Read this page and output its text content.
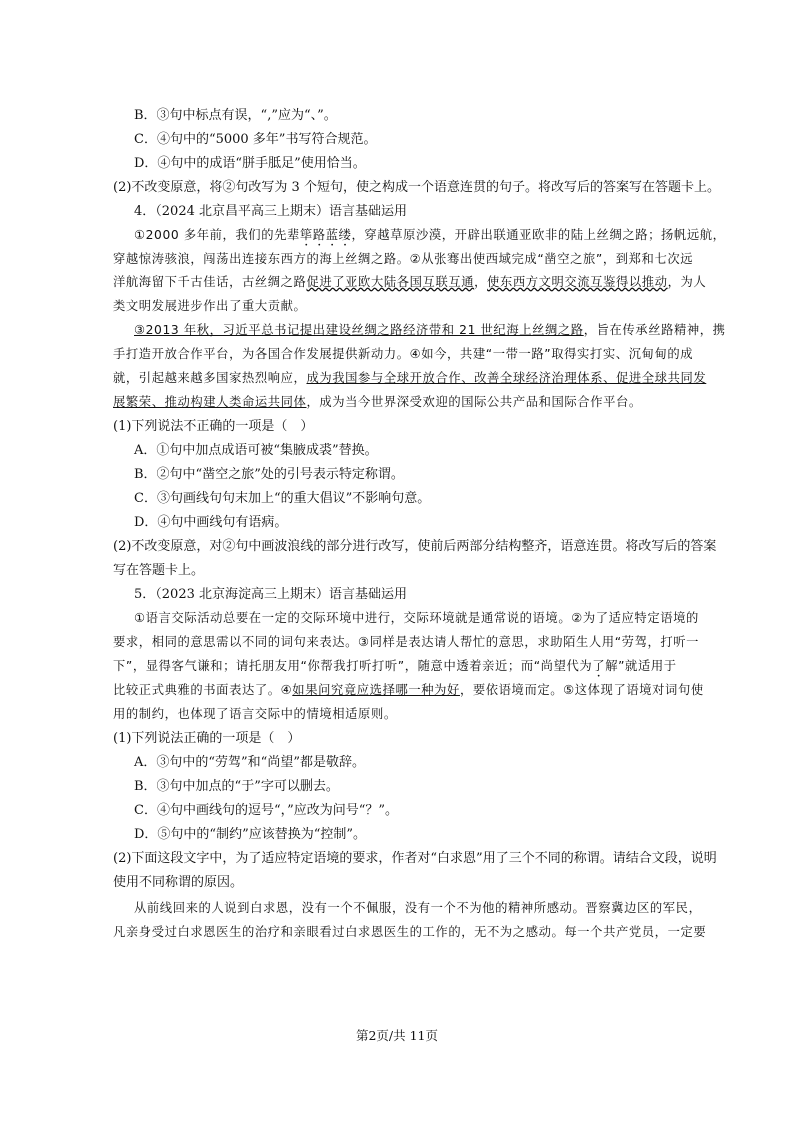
B．③句中标点有误，“,”应为“、”。
C．④句中的“5000 多年”书写符合规范。
D．④句中的成语“胼手胝足”使用恰当。
(2)不改变原意，将②句改写为 3 个短句，使之构成一个语意连贯的句子。将改写后的答案写在答题卡上。
4．（2024 北京昌平高三上期末）语言基础运用
①2000 多年前，我们的先辈筚路蓝缕，穿越草原沙漠，开辟出联通亚欧非的陆上丝绸之路；扬帆远航，
穿越惊涛骇浪，闯荡出连接东西方的海上丝绸之路。②从张骞出使西域完成“凿空之旅”，到郑和七次远
洋航海留下千古佳话，古丝绸之路促进了亚欧大陆各国互联互通，使东西方文明交流互鉴得以推动，为人
类文明发展进步作出了重大贡献。
③2013 年秋，习近平总书记提出建设丝绸之路经济带和 21 世纪海上丝绸之路，旨在传承丝路精神，携
手打造开放合作平台，为各国合作发展提供新动力。④如今，共建“一带一路”取得实打实、沉甸甸的成
就，引起越来越多国家热烈响应，成为我国参与全球开放合作、改善全球经济治理体系、促进全球共同发
展繁荣、推动构建人类命运共同体，成为当今世界深受欢迎的国际公共产品和国际合作平台。
(1)下列说法不正确的一项是（　）
A．①句中加点成语可被“集腋成裘”替换。
B．②句中“凿空之旅”处的引号表示特定称谓。
C．③句画线句句末加上“的重大倡议”不影响句意。
D．④句中画线句有语病。
(2)不改变原意，对②句中画波浪线的部分进行改写，使前后两部分结构整齐，语意连贯。将改写后的答案
写在答题卡上。
5．（2023 北京海淀高三上期末）语言基础运用
①语言交际活动总要在一定的交际环境中进行，交际环境就是通常说的语境。②为了适应特定语境的
要求，相同的意思需以不同的词句来表达。③同样是表达请人帮忙的意思，求助陌生人用“劳驾，打听一
下”，显得客气谦和；请托朋友用“你帮我打听打听”，随意中透着亲近；而“尚望代为了解”就适用于
比较正式典雅的书面表达了。④如果问究竟应选择哪一种为好，要依语境而定。⑤这体现了语境对词句使
用的制约，也体现了语言交际中的情境相适原则。
(1)下列说法正确的一项是（　）
A．③句中的“劳驾”和“尚望”都是敬辞。
B．③句中加点的“于”字可以删去。
C．④句中画线句的逗号“，”应改为问号“？”。
D．⑤句中的“制约”应该替换为“控制”。
(2)下面这段文字中，为了适应特定语境的要求，作者对“白求恩”用了三个不同的称谓。请结合文段，说明
使用不同称谓的原因。
从前线回来的人说到白求恩，没有一个不佩服，没有一个不为他的精神所感动。晋察冀边区的军民，
凡亲身受过白求恩医生的治疗和亲眼看过白求恩医生的工作的，无不为之感动。每一个共产党员，一定要
第2页/共 11页
